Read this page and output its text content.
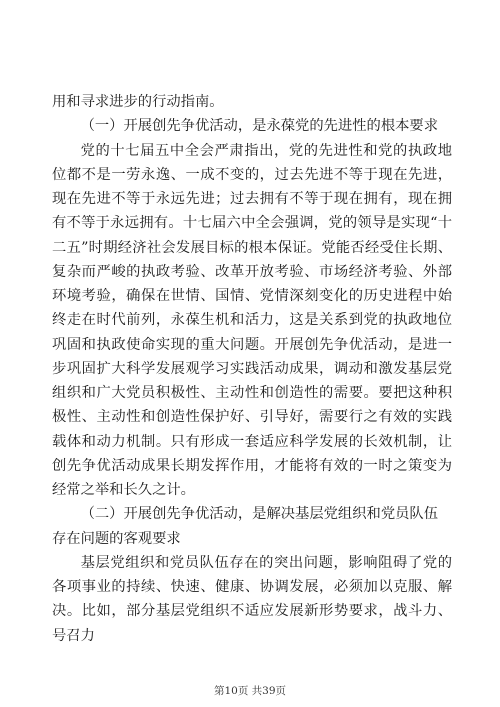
用和寻求进步的行动指南。

（一）开展创先争优活动，是永葆党的先进性的根本要求

党的十七届五中全会严肃指出，党的先进性和党的执政地位都不是一劳永逸、一成不变的，过去先进不等于现在先进，现在先进不等于永远先进；过去拥有不等于现在拥有，现在拥有不等于永远拥有。十七届六中全会强调，党的领导是实现“十二五”时期经济社会发展目标的根本保证。党能否经受住长期、复杂而严峻的执政考验、改革开放考验、市场经济考验、外部环境考验，确保在世情、国情、党情深刻变化的历史进程中始终走在时代前列，永葆生机和活力，这是关系到党的执政地位巩固和执政使命实现的重大问题。开展创先争优活动，是进一步巩固扩大科学发展观学习实践活动成果，调动和激发基层党组织和广大党员积极性、主动性和创造性的需要。要把这种积极性、主动性和创造性保护好、引导好，需要行之有效的实践载体和动力机制。只有形成一套适应科学发展的长效机制，让创先争优活动成果长期发挥作用，才能将有效的一时之策变为经常之举和长久之计。

（二）开展创先争优活动，是解决基层党组织和党员队伍存在问题的客观要求

基层党组织和党员队伍存在的突出问题，影响阻碍了党的各项事业的持续、快速、健康、协调发展，必须加以克服、解决。比如，部分基层党组织不适应发展新形势要求，战斗力、号召力

第10页 共39页
